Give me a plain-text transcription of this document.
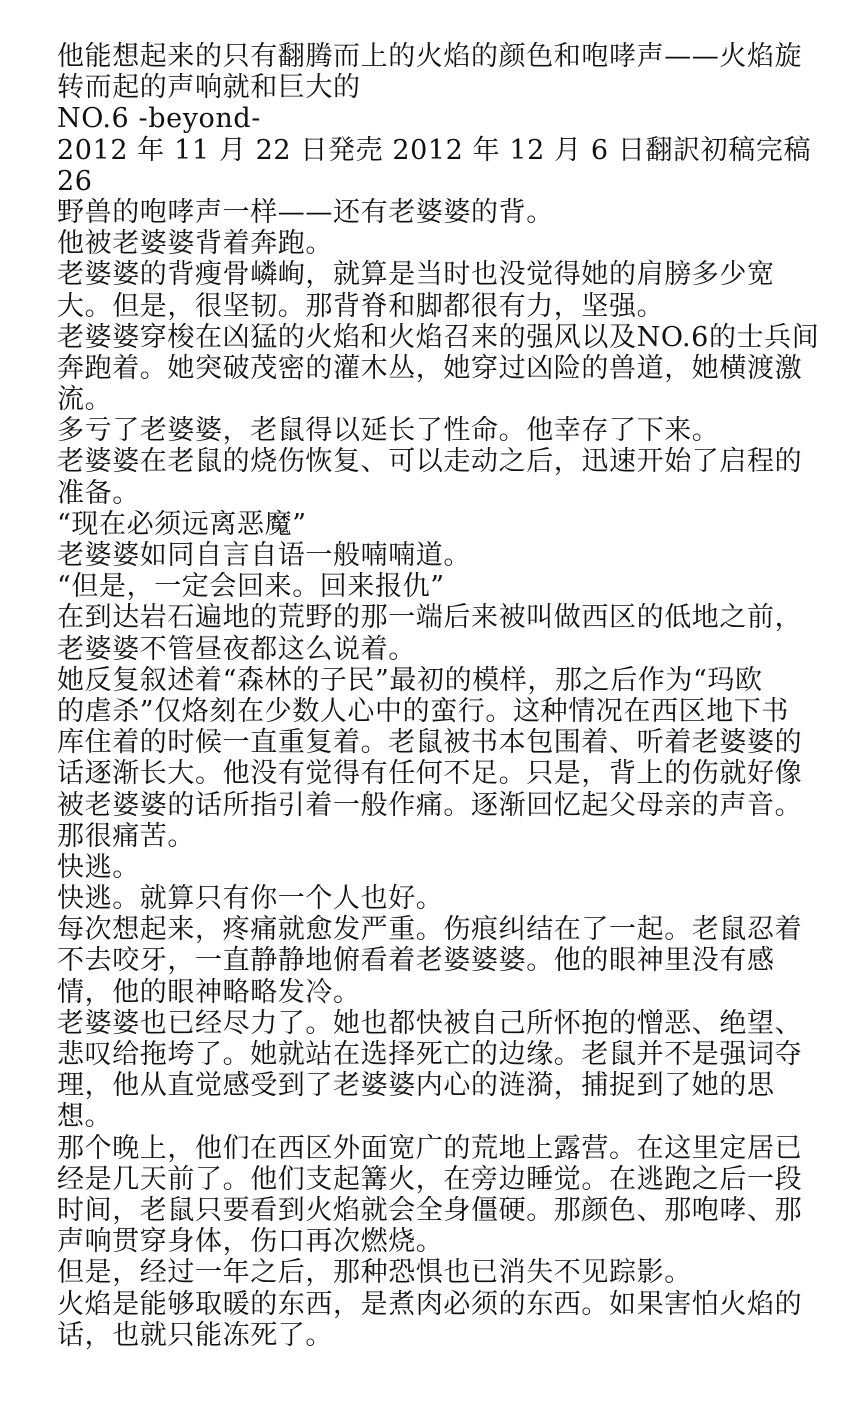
他能想起来的只有翻腾而上的火焰的颜色和咆哮声——火焰旋
转而起的声响就和巨大的
NO.6 -beyond-
2012 年 11 月 22 日発売 2012 年 12 月 6 日翻訳初稿完稿
26
野兽的咆哮声一样——还有老婆婆的背。
他被老婆婆背着奔跑。
老婆婆的背瘦骨嶙峋，就算是当时也没觉得她的肩膀多少宽
大。但是，很坚韧。那背脊和脚都很有力，坚强。
老婆婆穿梭在凶猛的火焰和火焰召来的强风以及NO.6的士兵间
奔跑着。她突破茂密的灌木丛，她穿过凶险的兽道，她横渡激
流。
多亏了老婆婆，老鼠得以延长了性命。他幸存了下来。
老婆婆在老鼠的烧伤恢复、可以走动之后，迅速开始了启程的
准备。
“现在必须远离恶魔”
老婆婆如同自言自语一般喃喃道。
“但是，一定会回来。回来报仇”
在到达岩石遍地的荒野的那一端后来被叫做西区的低地之前，
老婆婆不管昼夜都这么说着。
她反复叙述着“森林的子民”最初的模样，那之后作为“玛欧
的虐杀”仅烙刻在少数人心中的蛮行。这种情况在西区地下书
库住着的时候一直重复着。老鼠被书本包围着、听着老婆婆的
话逐渐长大。他没有觉得有任何不足。只是，背上的伤就好像
被老婆婆的话所指引着一般作痛。逐渐回忆起父母亲的声音。
那很痛苦。
快逃。
快逃。就算只有你一个人也好。
每次想起来，疼痛就愈发严重。伤痕纠结在了一起。老鼠忍着
不去咬牙，一直静静地俯看着老婆婆婆。他的眼神里没有感
情，他的眼神略略发冷。
老婆婆也已经尽力了。她也都快被自己所怀抱的憎恶、绝望、
悲叹给拖垮了。她就站在选择死亡的边缘。老鼠并不是强词夺
理，他从直觉感受到了老婆婆内心的涟漪，捕捉到了她的思
想。
那个晚上，他们在西区外面宽广的荒地上露营。在这里定居已
经是几天前了。他们支起篝火，在旁边睡觉。在逃跑之后一段
时间，老鼠只要看到火焰就会全身僵硬。那颜色、那咆哮、那
声响贯穿身体，伤口再次燃烧。
但是，经过一年之后，那种恐惧也已消失不见踪影。
火焰是能够取暖的东西，是煮肉必须的东西。如果害怕火焰的
话，也就只能冻死了。
